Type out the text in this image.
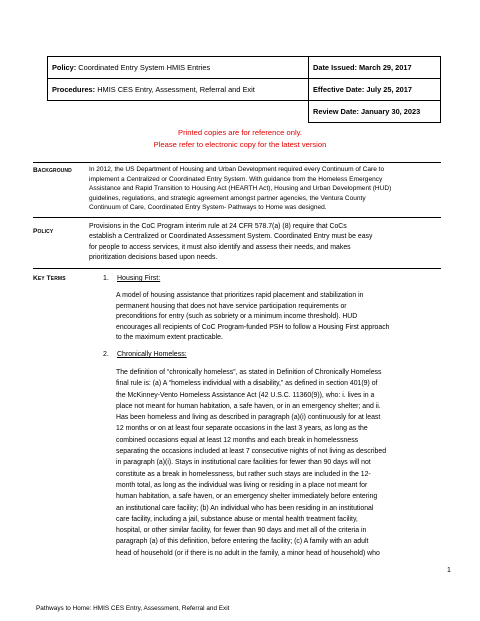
Policy: Coordinated Entry System HMIS Entries	Date Issued: March 29, 2017
Procedures: HMIS CES Entry, Assessment, Referral and Exit	Effective Date: July 25, 2017
	Review Date: January 30, 2023
Printed copies are for reference only.
Please refer to electronic copy for the latest version
Background	In 2012, the US Department of Housing and Urban Development required every Continuum of Care to
implement a Centralized or Coordinated Entry System. With guidance from the Homeless Emergency
Assistance and Rapid Transition to Housing Act (HEARTH Act), Housing and Urban Development (HUD)
guidelines, regulations, and strategic agreement amongst partner agencies, the Ventura County
Continuum of Care, Coordinated Entry System- Pathways to Home was designed.
Policy
Provisions in the CoC Program interim rule at 24 CFR 578.7(a) (8) require that CoCs
establish a Centralized or Coordinated Assessment System. Coordinated Entry must be easy
for people to access services, it must also identify and assess their needs, and makes
prioritization decisions based upon needs.
Key Terms	1. Housing First:
A model of housing assistance that prioritizes rapid placement and stabilization in
permanent housing that does not have service participation requirements or
preconditions for entry (such as sobriety or a minimum income threshold). HUD
encourages all recipients of CoC Program-funded PSH to follow a Housing First approach
to the maximum extent practicable.
2. Chronically Homeless:
The definition of “chronically homeless”, as stated in Definition of Chronically Homeless
final rule is: (a) A “homeless individual with a disability,” as defined in section 401(9) of
the McKinney-Vento Homeless Assistance Act (42 U.S.C. 11360(9)), who: i. lives in a
place not meant for human habitation, a safe haven, or in an emergency shelter; and ii.
Has been homeless and living as described in paragraph (a)(i) continuously for at least
12 months or on at least four separate occasions in the last 3 years, as long as the
combined occasions equal at least 12 months and each break in homelessness
separating the occasions included at least 7 consecutive nights of not living as described
in paragraph (a)(i). Stays in institutional care facilities for fewer than 90 days will not
constitute as a break in homelessness, but rather such stays are included in the 12-
month total, as long as the individual was living or residing in a place not meant for
human habitation, a safe haven, or an emergency shelter immediately before entering
an institutional care facility; (b) An individual who has been residing in an institutional
care facility, including a jail, substance abuse or mental health treatment facility,
hospital, or other similar facility, for fewer than 90 days and met all of the criteria in
paragraph (a) of this definition, before entering the facility; (c) A family with an adult
head of household (or if there is no adult in the family, a minor head of household) who
1
Pathways to Home: HMIS CES Entry, Assessment, Referral and Exit
